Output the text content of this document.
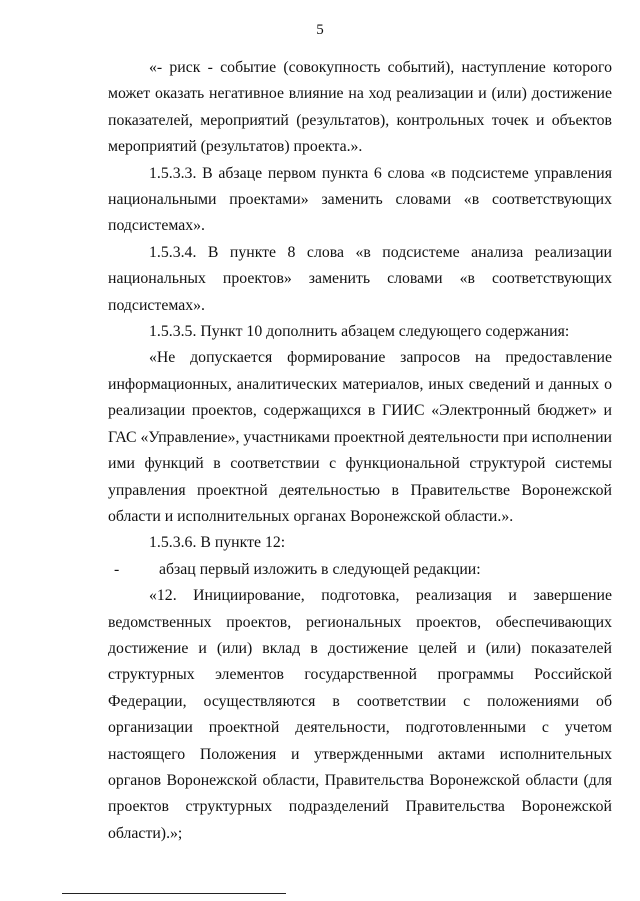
5

«- риск - событие (совокупность событий), наступление которого может оказать негативное влияние на ход реализации и (или) достижение показателей, мероприятий (результатов), контрольных точек и объектов мероприятий (результатов) проекта.».

1.5.3.3. В абзаце первом пункта 6 слова «в подсистеме управления национальными проектами» заменить словами «в соответствующих подсистемах».

1.5.3.4. В пункте 8 слова «в подсистеме анализа реализации национальных проектов» заменить словами «в соответствующих подсистемах».

1.5.3.5. Пункт 10 дополнить абзацем следующего содержания:

«Не допускается формирование запросов на предоставление информационных, аналитических материалов, иных сведений и данных о реализации проектов, содержащихся в ГИИС «Электронный бюджет» и ГАС «Управление», участниками проектной деятельности при исполнении ими функций в соответствии с функциональной структурой системы управления проектной деятельностью в Правительстве Воронежской области и исполнительных органах Воронежской области.».

1.5.3.6. В пункте 12:

-	абзац первый изложить в следующей редакции:

«12. Инициирование, подготовка, реализация и завершение ведомственных проектов, региональных проектов, обеспечивающих достижение и (или) вклад в достижение целей и (или) показателей структурных элементов государственной программы Российской Федерации, осуществляются в соответствии с положениями об организации проектной деятельности, подготовленными с учетом настоящего Положения и утвержденными актами исполнительных органов Воронежской области, Правительства Воронежской области (для проектов структурных подразделений Правительства Воронежской области).»;
